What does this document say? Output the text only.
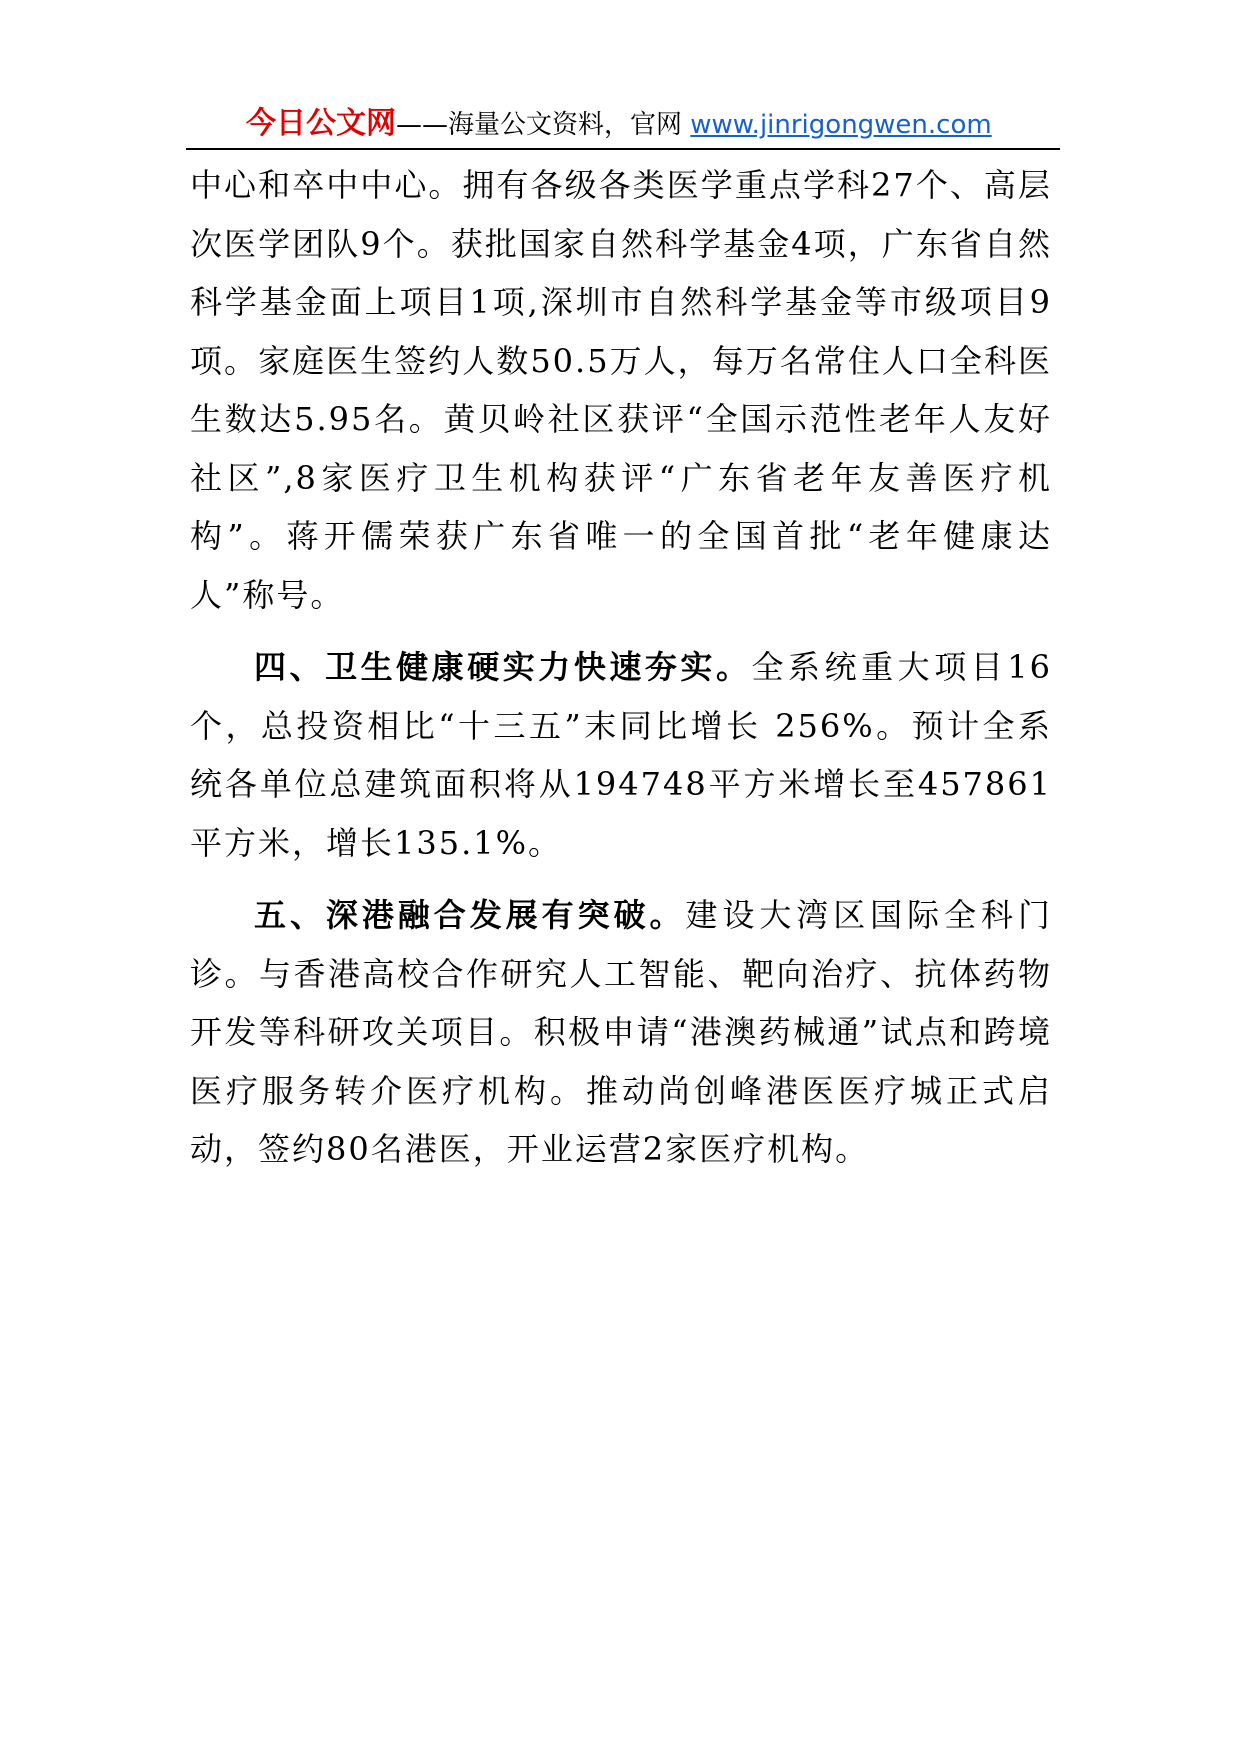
今日公文网——海量公文资料，官网 www.jinrigongwen.com

中心和卒中中心。拥有各级各类医学重点学科27个、高层次医学团队9个。获批国家自然科学基金4项，广东省自然科学基金面上项目1项,深圳市自然科学基金等市级项目9项。家庭医生签约人数50.5万人，每万名常住人口全科医生数达5.95名。黄贝岭社区获评“全国示范性老年人友好社区”,8家医疗卫生机构获评“广东省老年友善医疗机构”。蒋开儒荣获广东省唯一的全国首批“老年健康达人”称号。

四、卫生健康硬实力快速夯实。全系统重大项目16个，总投资相比“十三五”末同比增长 256%。预计全系统各单位总建筑面积将从194748平方米增长至457861平方米，增长135.1%。

五、深港融合发展有突破。建设大湾区国际全科门诊。与香港高校合作研究人工智能、靶向治疗、抗体药物开发等科研攻关项目。积极申请“港澳药械通”试点和跨境医疗服务转介医疗机构。推动尚创峰港医医疗城正式启动，签约80名港医，开业运营2家医疗机构。
